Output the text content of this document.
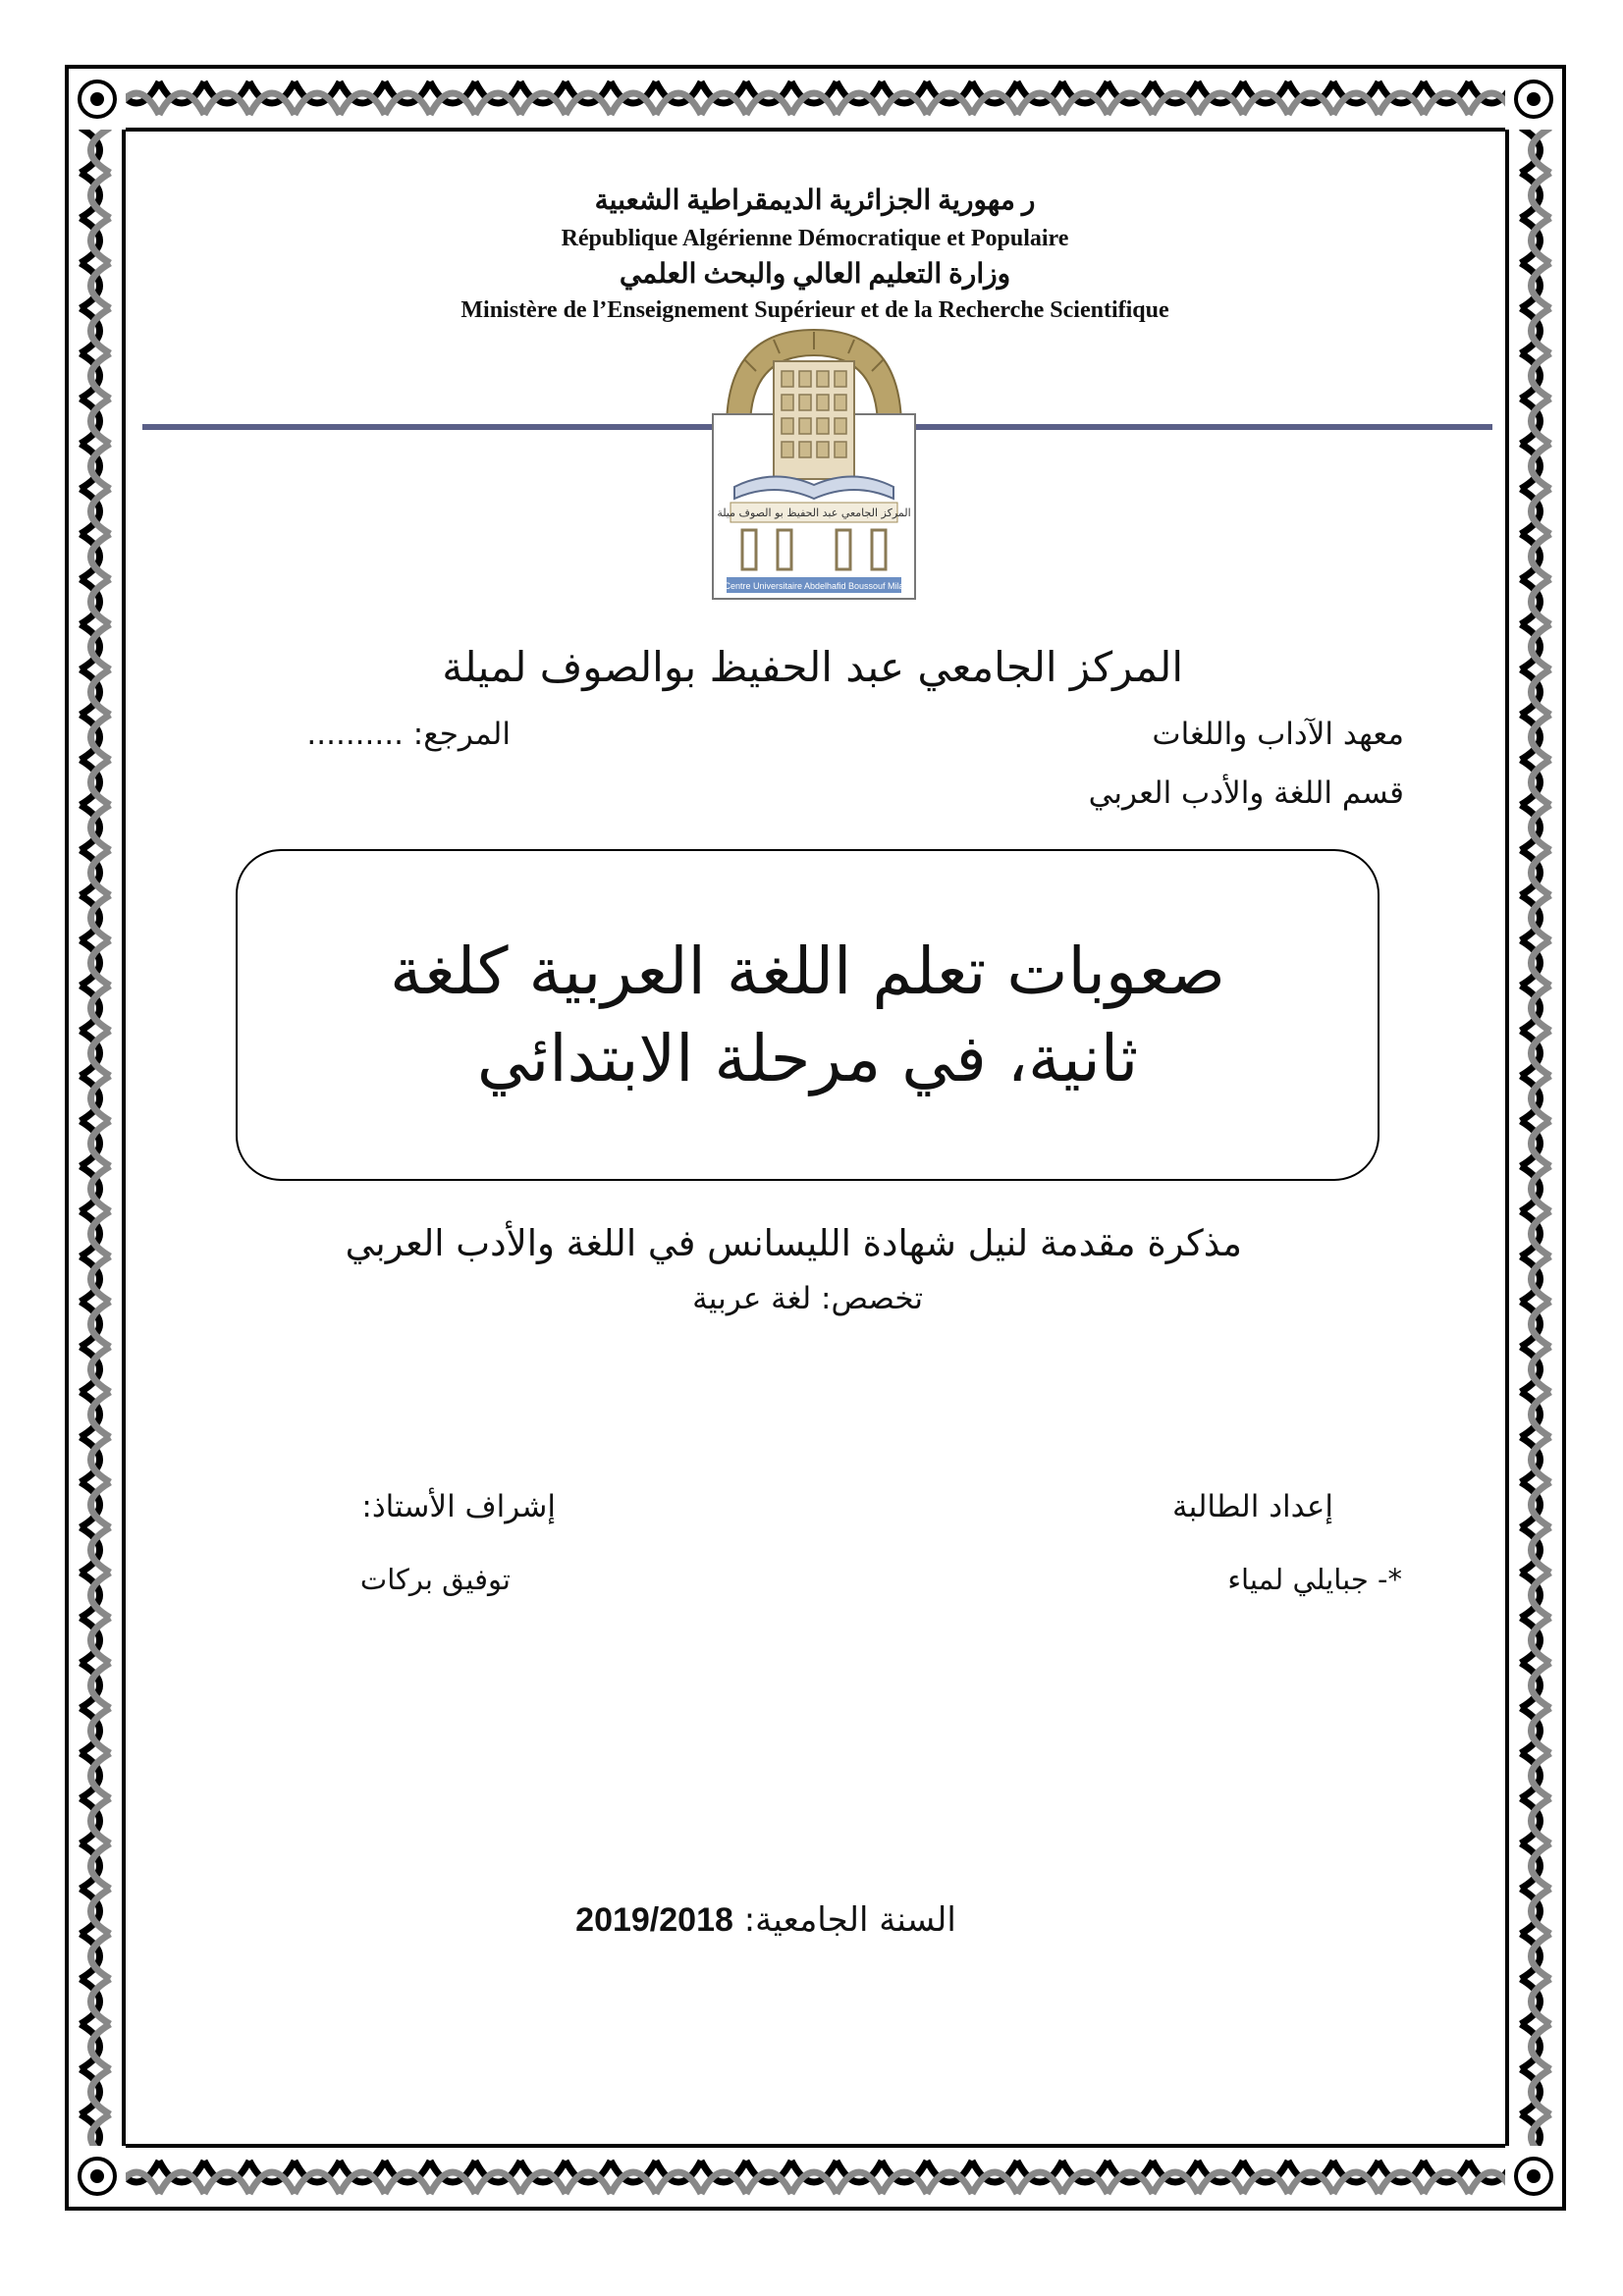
ﺭ ﻣﻬﻮﺭﻳﺔ ﺍﻟﺠﺰﺍﺋﺮﻳﺔ ﺍﻟﺪﻳﻤﻘﺮﺍﻃﻴﺔ ﺍﻟﺸﻌﺒﻴﺔ
République Algérienne Démocratique et Populaire
ﻭﺯﺍﺭﺓ ﺍﻟﺘﻌﻠﻴﻢ ﺍﻟﻌﺎﻟﻲ ﻭﺍﻟﺒﺤﺚ ﺍﻟﻌﻠﻤﻲ
Ministère de l’Enseignement Supérieur et de la Recherche Scientifique
المركز الجامعي عبد الحفيظ بو الصوف ميلة
Centre Universitaire Abdelhafid Boussouf Mila
المركز الجامعي عبد الحفيظ بوالصوف لميلة
معهد الآداب واللغات
المرجع: ..........
قسم اللغة والأدب العربي
صعوبات تعلم اللغة العربية كلغة
ثانية، في مرحلة الابتدائي
مذكرة مقدمة لنيل شهادة الليسانس في اللغة والأدب العربي
تخصص: لغة عربية
إعداد الطالبة
إشراف الأستاذ:
*- جبايلي لمياء
توفيق بركات
السنة الجامعية: 2019/2018
